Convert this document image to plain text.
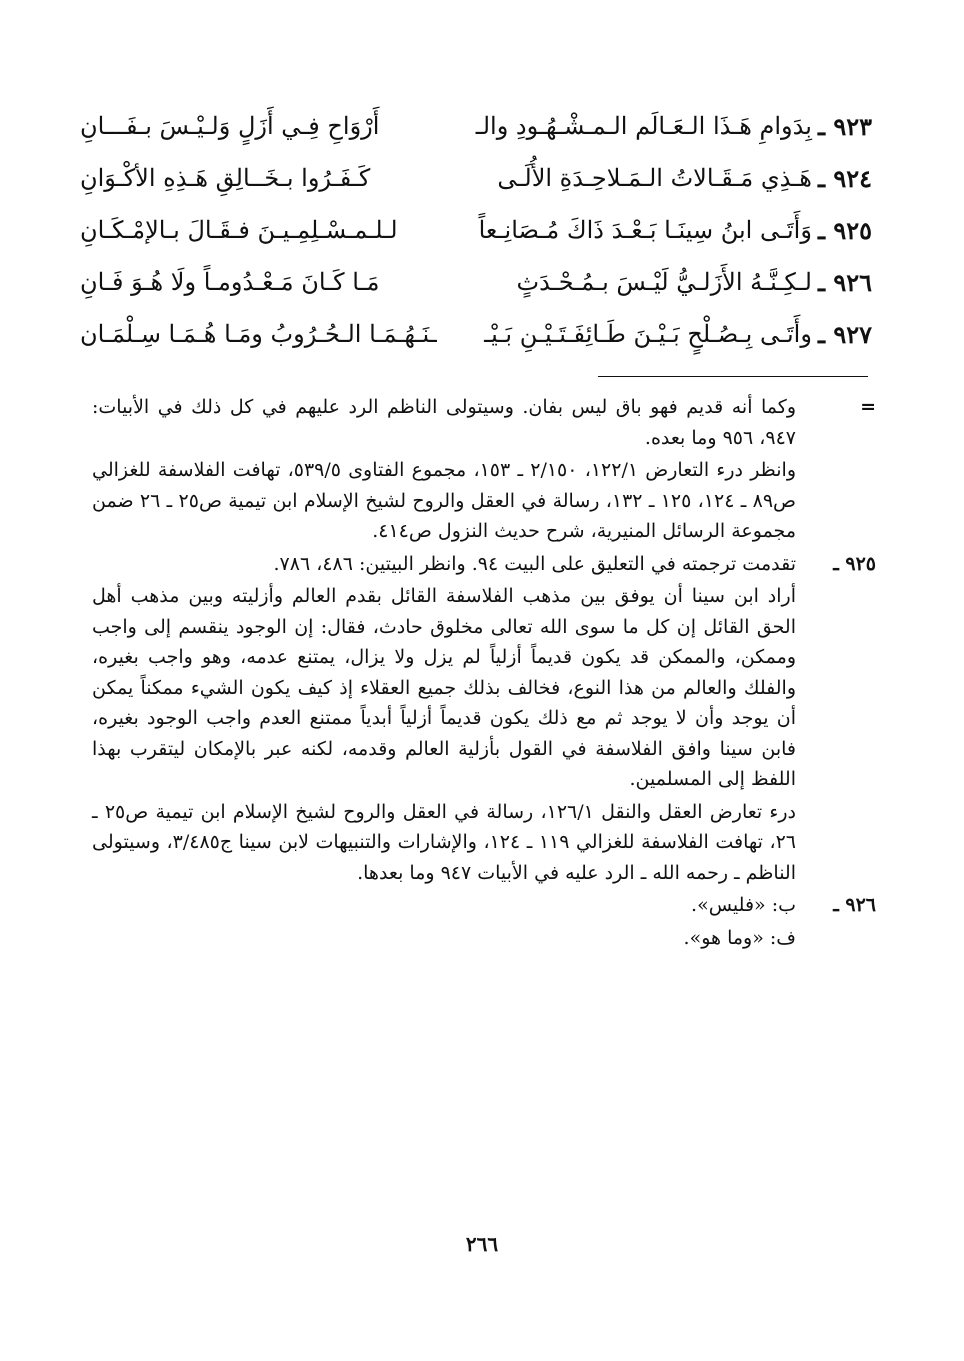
٩٢٣ ـ
بِدَوامِ هَـذَا الـعَـالَم الـمـشْـهُـودِ والـ
أَرْوَاحِ فِـي أَزَلٍ وَلـيْـسَ بـفَـــانِ
٩٢٤ ـ
هَـذِي مَـقَـالاتُ الـمَـلاحِـدَةِ الأُلَـى
كَـفَـرُوا بـخَــالِقِ هَـذِهِ الأكْـوَانِ
٩٢٥ ـ
وَأَتَـى ابنُ سِينَـا بَـعْـدَ ذَاكَ مُـصَانِـعاً
لـلـمـسْـلِمِـيـنَ فـقَـالَ بـالإمْـكَـانِ
٩٢٦ ـ
لـكِـنَّـهُ الأَزَلـيُّ لَيْـسَ بـمُـحْـدَثٍ
مَـا كَـانَ مَـعْـدُومـاً ولَا هُـوَ فَـانِ
٩٢٧ ـ
وأَتَـى بِـصُـلْحٍ بَـيْـنَ طَـائِفَـتَـيْـنِ بَـيْـ
ـنَـهُـمَـا الـحُـرُوبُ ومَـا هُـمَـا سِـلْمَـان
=

وكما أنه قديم فهو باق ليس بفان. وسيتولى الناظم الرد عليهم في كل ذلك في الأبيات: ٩٤٧، ٩٥٦ وما بعده.

وانظر درء التعارض ١٢٢/١، ٢/١٥٠ ـ ١٥٣، مجموع الفتاوى ٥٣٩/٥، تهافت الفلاسفة للغزالي ص٨٩ ـ ١٢٤، ١٢٥ ـ ١٣٢، رسالة في العقل والروح لشيخ الإسلام ابن تيمية ص٢٥ ـ ٢٦ ضمن مجموعة الرسائل المنيرية، شرح حديث النزول ص٤١٤.

٩٢٥ ـ

تقدمت ترجمته في التعليق على البيت ٩٤. وانظر البيتين: ٤٨٦، ٧٨٦.

أراد ابن سينا أن يوفق بين مذهب الفلاسفة القائل بقدم العالم وأزليته وبين مذهب أهل الحق القائل إن كل ما سوى الله تعالى مخلوق حادث، فقال: إن الوجود ينقسم إلى واجب وممكن، والممكن قد يكون قديماً أزلياً لم يزل ولا يزال، يمتنع عدمه، وهو واجب بغيره، والفلك والعالم من هذا النوع، فخالف بذلك جميع العقلاء إذ كيف يكون الشيء ممكناً يمكن أن يوجد وأن لا يوجد ثم مع ذلك يكون قديماً أزلياً أبدياً ممتنع العدم واجب الوجود بغيره، فابن سينا وافق الفلاسفة في القول بأزلية العالم وقدمه، لكنه عبر بالإمكان ليتقرب بهذا اللفظ إلى المسلمين.

درء تعارض العقل والنقل ١٢٦/١، رسالة في العقل والروح لشيخ الإسلام ابن تيمية ص٢٥ ـ ٢٦، تهافت الفلاسفة للغزالي ١١٩ ـ ١٢٤، والإشارات والتنبيهات لابن سينا ج٣/٤٨٥، وسيتولى الناظم ـ رحمه الله ـ الرد عليه في الأبيات ٩٤٧ وما بعدها.

٩٢٦ ـ

ب: «فليس».

ف: «وما هو».

٢٦٦
